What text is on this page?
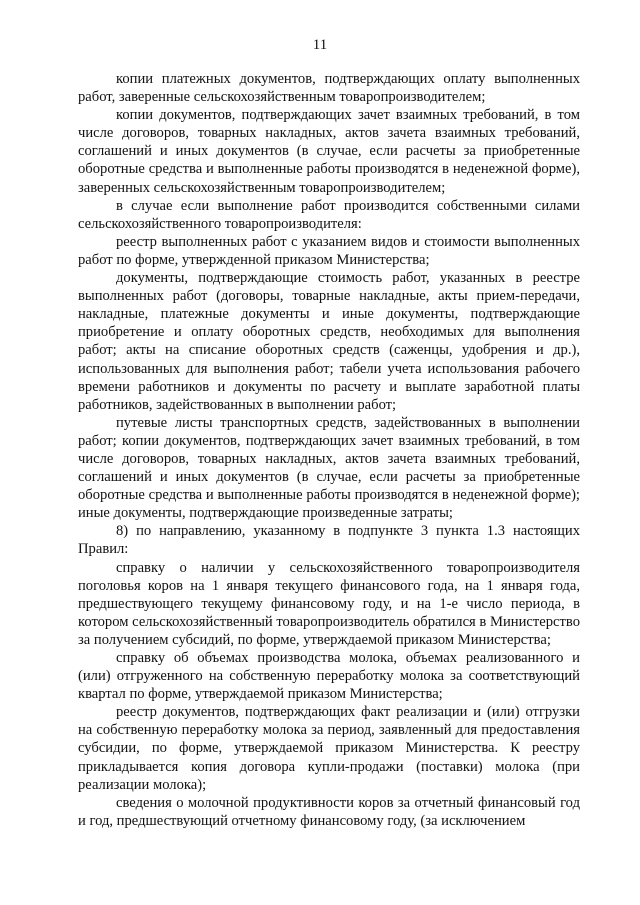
11

копии платежных документов, подтверждающих оплату выполненных работ, заверенные сельскохозяйственным товаропроизводителем;

копии документов, подтверждающих зачет взаимных требований, в том числе договоров, товарных накладных, актов зачета взаимных требований, соглашений и иных документов (в случае, если расчеты за приобретенные оборотные средства и выполненные работы производятся в неденежной форме), заверенных сельскохозяйственным товаропроизводителем;

в случае если выполнение работ производится собственными силами сельскохозяйственного товаропроизводителя:

реестр выполненных работ с указанием видов и стоимости выполненных работ по форме, утвержденной приказом Министерства;

документы, подтверждающие стоимость работ, указанных в реестре выполненных работ (договоры, товарные накладные, акты прием-передачи, накладные, платежные документы и иные документы, подтверждающие приобретение и оплату оборотных средств, необходимых для выполнения работ; акты на списание оборотных средств (саженцы, удобрения и др.), использованных для выполнения работ; табели учета использования рабочего времени работников и документы по расчету и выплате заработной платы работников, задействованных в выполнении работ;

путевые листы транспортных средств, задействованных в выполнении работ; копии документов, подтверждающих зачет взаимных требований, в том числе договоров, товарных накладных, актов зачета взаимных требований, соглашений и иных документов (в случае, если расчеты за приобретенные оборотные средства и выполненные работы производятся в неденежной форме); иные документы, подтверждающие произведенные затраты;

8) по направлению, указанному в подпункте 3 пункта 1.3 настоящих Правил:

справку о наличии у сельскохозяйственного товаропроизводителя поголовья коров на 1 января текущего финансового года, на 1 января года, предшествующего текущему финансовому году, и на 1-е число периода, в котором сельскохозяйственный товаропроизводитель обратился в Министерство за получением субсидий, по форме, утверждаемой приказом Министерства;

справку об объемах производства молока, объемах реализованного и (или) отгруженного на собственную переработку молока за соответствующий квартал по форме, утверждаемой приказом Министерства;

реестр документов, подтверждающих факт реализации и (или) отгрузки на собственную переработку молока за период, заявленный для предоставления субсидии, по форме, утверждаемой приказом Министерства. К реестру прикладывается копия договора купли-продажи (поставки) молока (при реализации молока);

сведения о молочной продуктивности коров за отчетный финансовый год и год, предшествующий отчетному финансовому году, (за исключением
